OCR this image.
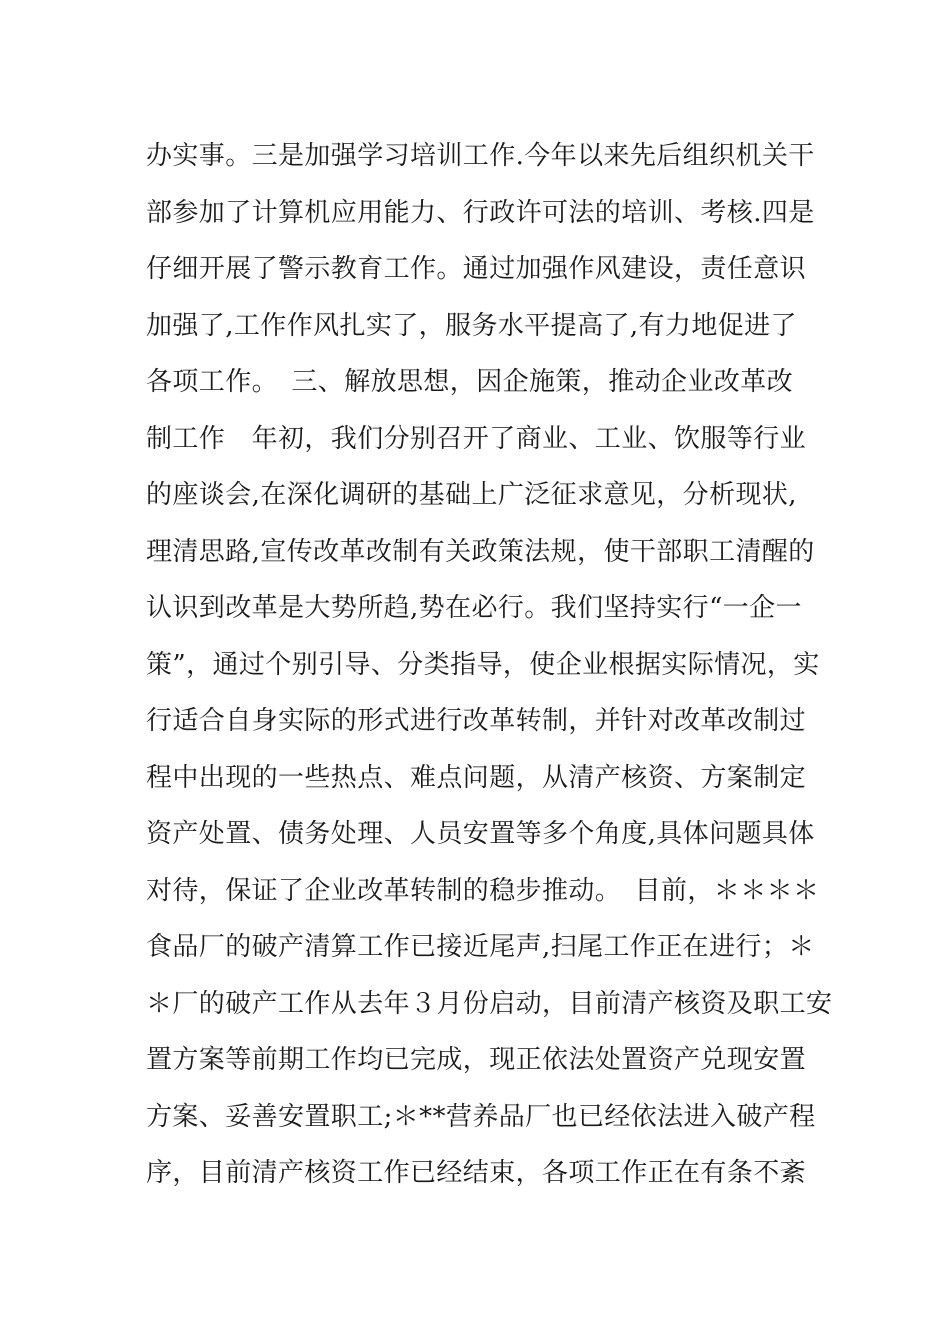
办实事。三是加强学习培训工作.今年以来先后组织机关干
部参加了计算机应用能力、行政许可法的培训、考核.四是
仔细开展了警示教育工作。通过加强作风建设，责任意识
加强了,工作作风扎实了，服务水平提高了,有力地促进了
各项工作。　三、解放思想，因企施策，推动企业改革改
制工作　年初，我们分别召开了商业、工业、饮服等行业
的座谈会,在深化调研的基础上广泛征求意见，分析现状,
理清思路,宣传改革改制有关政策法规，使干部职工清醒的
认识到改革是大势所趋,势在必行。我们坚持实行“一企一
策”，通过个别引导、分类指导，使企业根据实际情况，实
行适合自身实际的形式进行改革转制，并针对改革改制过
程中出现的一些热点、难点问题，从清产核资、方案制定
资产处置、债务处理、人员安置等多个角度,具体问题具体
对待，保证了企业改革转制的稳步推动。　目前，＊＊＊＊
食品厂的破产清算工作已接近尾声,扫尾工作正在进行；＊
＊厂的破产工作从去年３月份启动，目前清产核资及职工安
置方案等前期工作均已完成，现正依法处置资产兑现安置
方案、妥善安置职工;＊**营养品厂也已经依法进入破产程
序，目前清产核资工作已经结束，各项工作正在有条不紊
